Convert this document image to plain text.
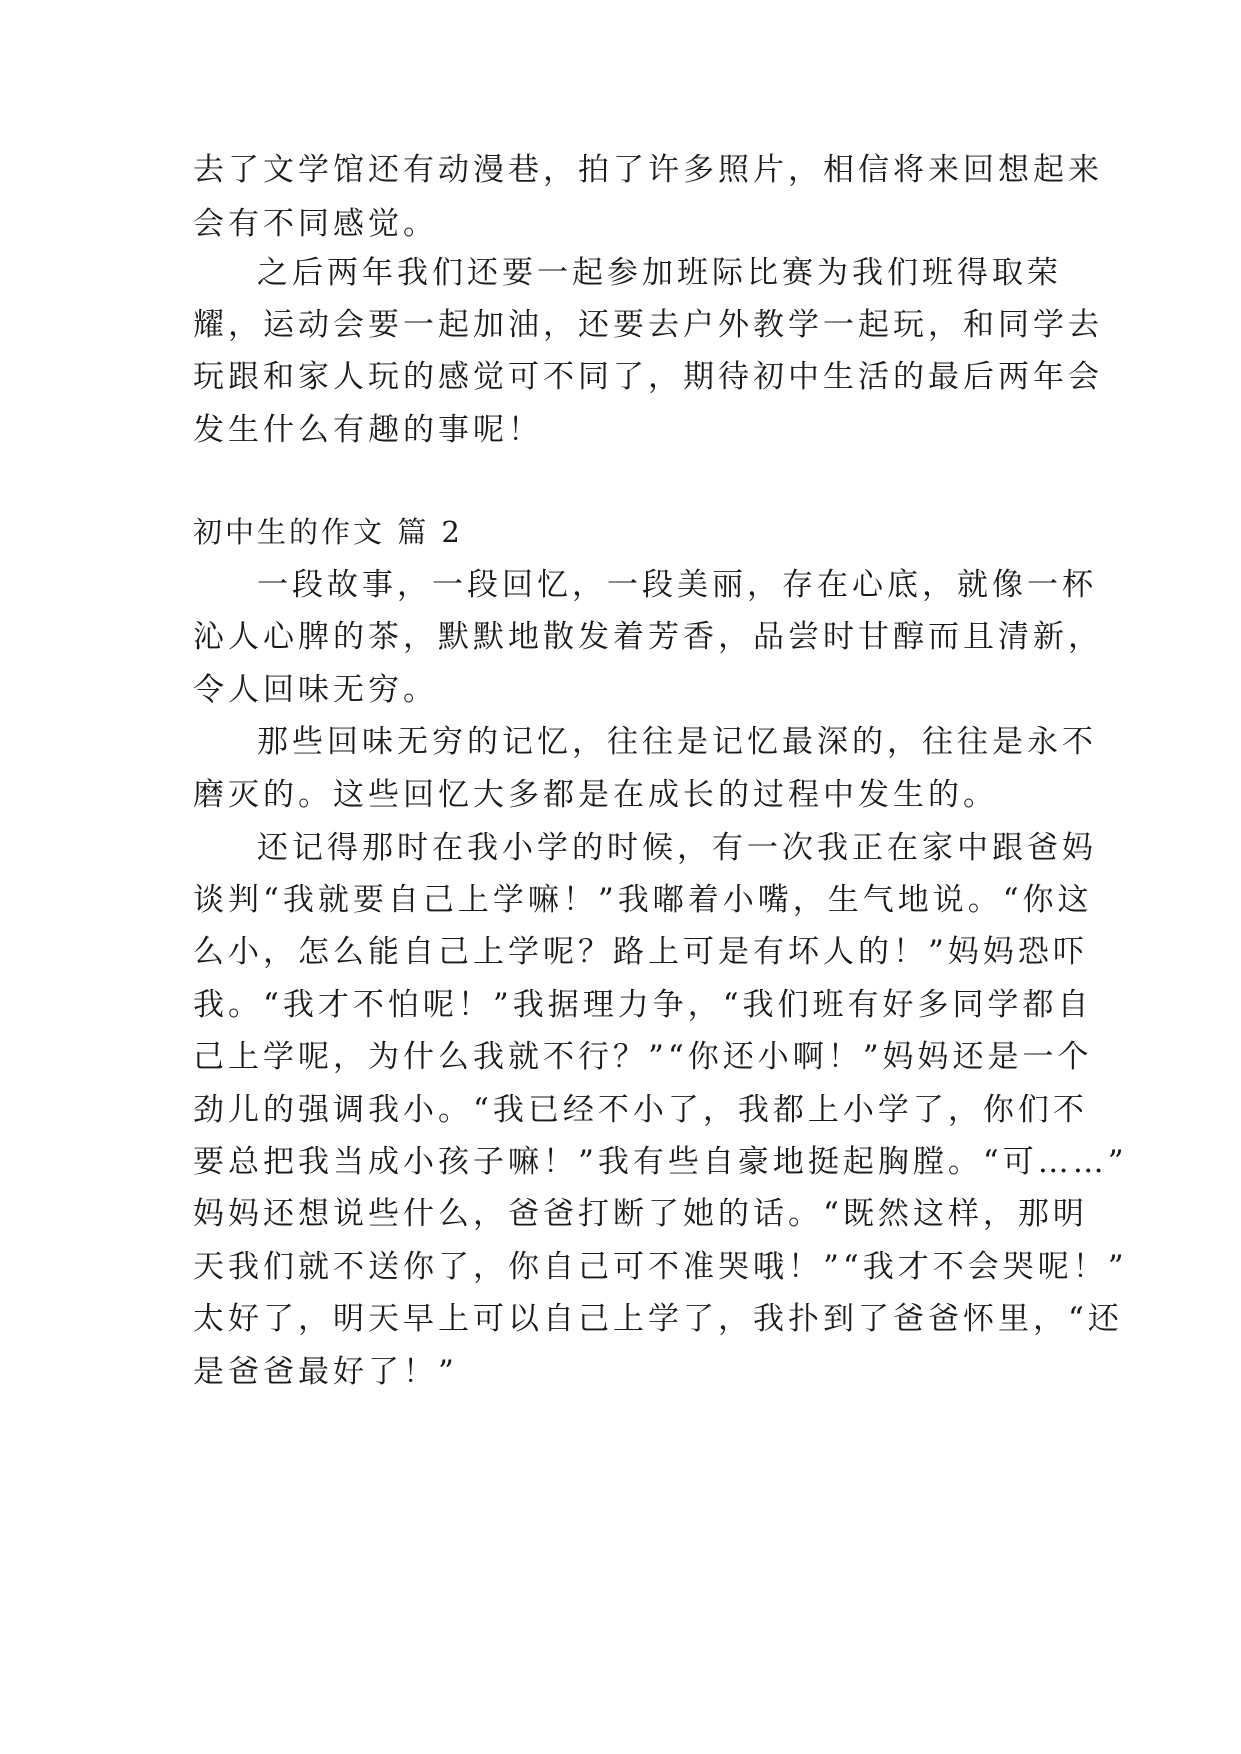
去了文学馆还有动漫巷，拍了许多照片，相信将来回想起来
会有不同感觉。
之后两年我们还要一起参加班际比赛为我们班得取荣
耀，运动会要一起加油，还要去户外教学一起玩，和同学去
玩跟和家人玩的感觉可不同了，期待初中生活的最后两年会
发生什么有趣的事呢！
初中生的作文 篇 2
一段故事，一段回忆，一段美丽，存在心底，就像一杯
沁人心脾的茶，默默地散发着芳香，品尝时甘醇而且清新，
令人回味无穷。
那些回味无穷的记忆，往往是记忆最深的，往往是永不
磨灭的。这些回忆大多都是在成长的过程中发生的。
还记得那时在我小学的时候，有一次我正在家中跟爸妈
谈判“我就要自己上学嘛！”我嘟着小嘴，生气地说。“你这
么小，怎么能自己上学呢？路上可是有坏人的！”妈妈恐吓
我。“我才不怕呢！”我据理力争，“我们班有好多同学都自
己上学呢，为什么我就不行？”“你还小啊！”妈妈还是一个
劲儿的强调我小。“我已经不小了，我都上小学了，你们不
要总把我当成小孩子嘛！”我有些自豪地挺起胸膛。“可……”
妈妈还想说些什么，爸爸打断了她的话。“既然这样，那明
天我们就不送你了，你自己可不准哭哦！”“我才不会哭呢！”
太好了，明天早上可以自己上学了，我扑到了爸爸怀里，“还
是爸爸最好了！”
